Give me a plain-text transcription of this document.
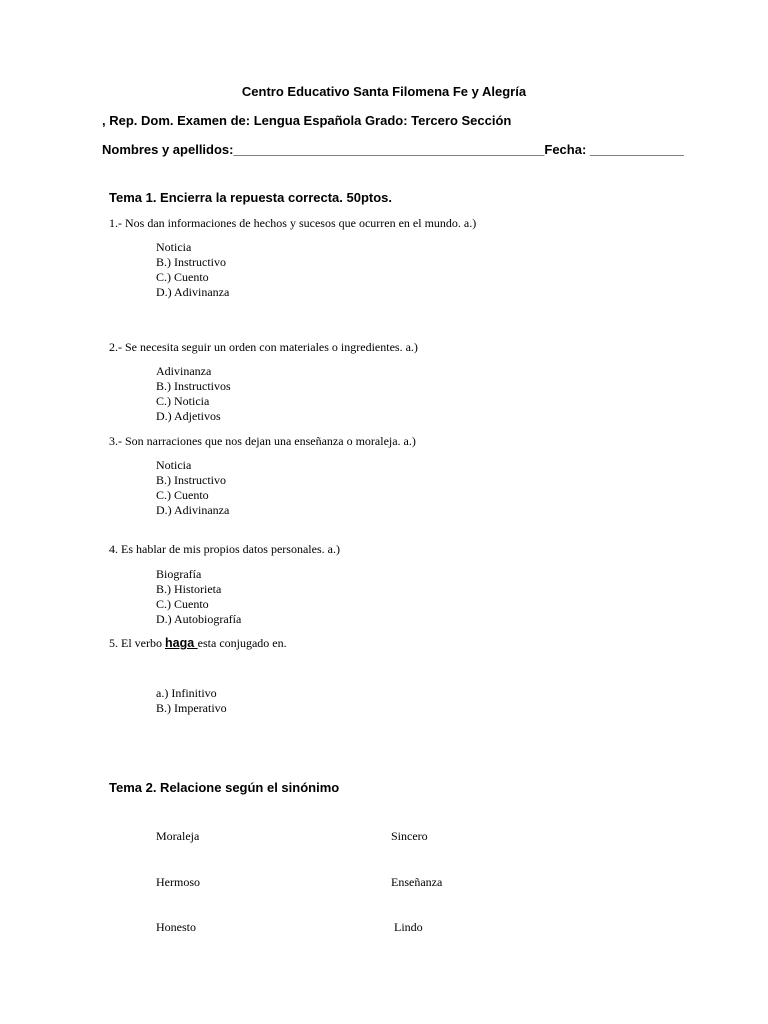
Centro Educativo Santa Filomena Fe y Alegría
, Rep. Dom. Examen de: Lengua Española Grado: Tercero Sección
Nombres y apellidos:___________________________________________Fecha: _____________
Tema 1. Encierra la repuesta correcta. 50ptos.
1.- Nos dan informaciones de hechos y sucesos que ocurren en el mundo. a.)
Noticia
B.) Instructivo
C.) Cuento
D.) Adivinanza
2.- Se necesita seguir un orden con materiales o ingredientes. a.)
Adivinanza
B.) Instructivos
C.) Noticia
D.) Adjetivos
3.- Son narraciones que nos dejan una enseñanza o moraleja. a.)
Noticia
B.) Instructivo
C.) Cuento
D.) Adivinanza
4. Es hablar de mis propios datos personales. a.)
Biografía
B.) Historieta
C.) Cuento
D.) Autobiografía
5. El verbo haga esta conjugado en.
a.) Infinitivo
B.) Imperativo
Tema 2. Relacione según el sinónimo
Moraleja	Sincero
Hermoso	Enseñanza
Honesto	Lindo
